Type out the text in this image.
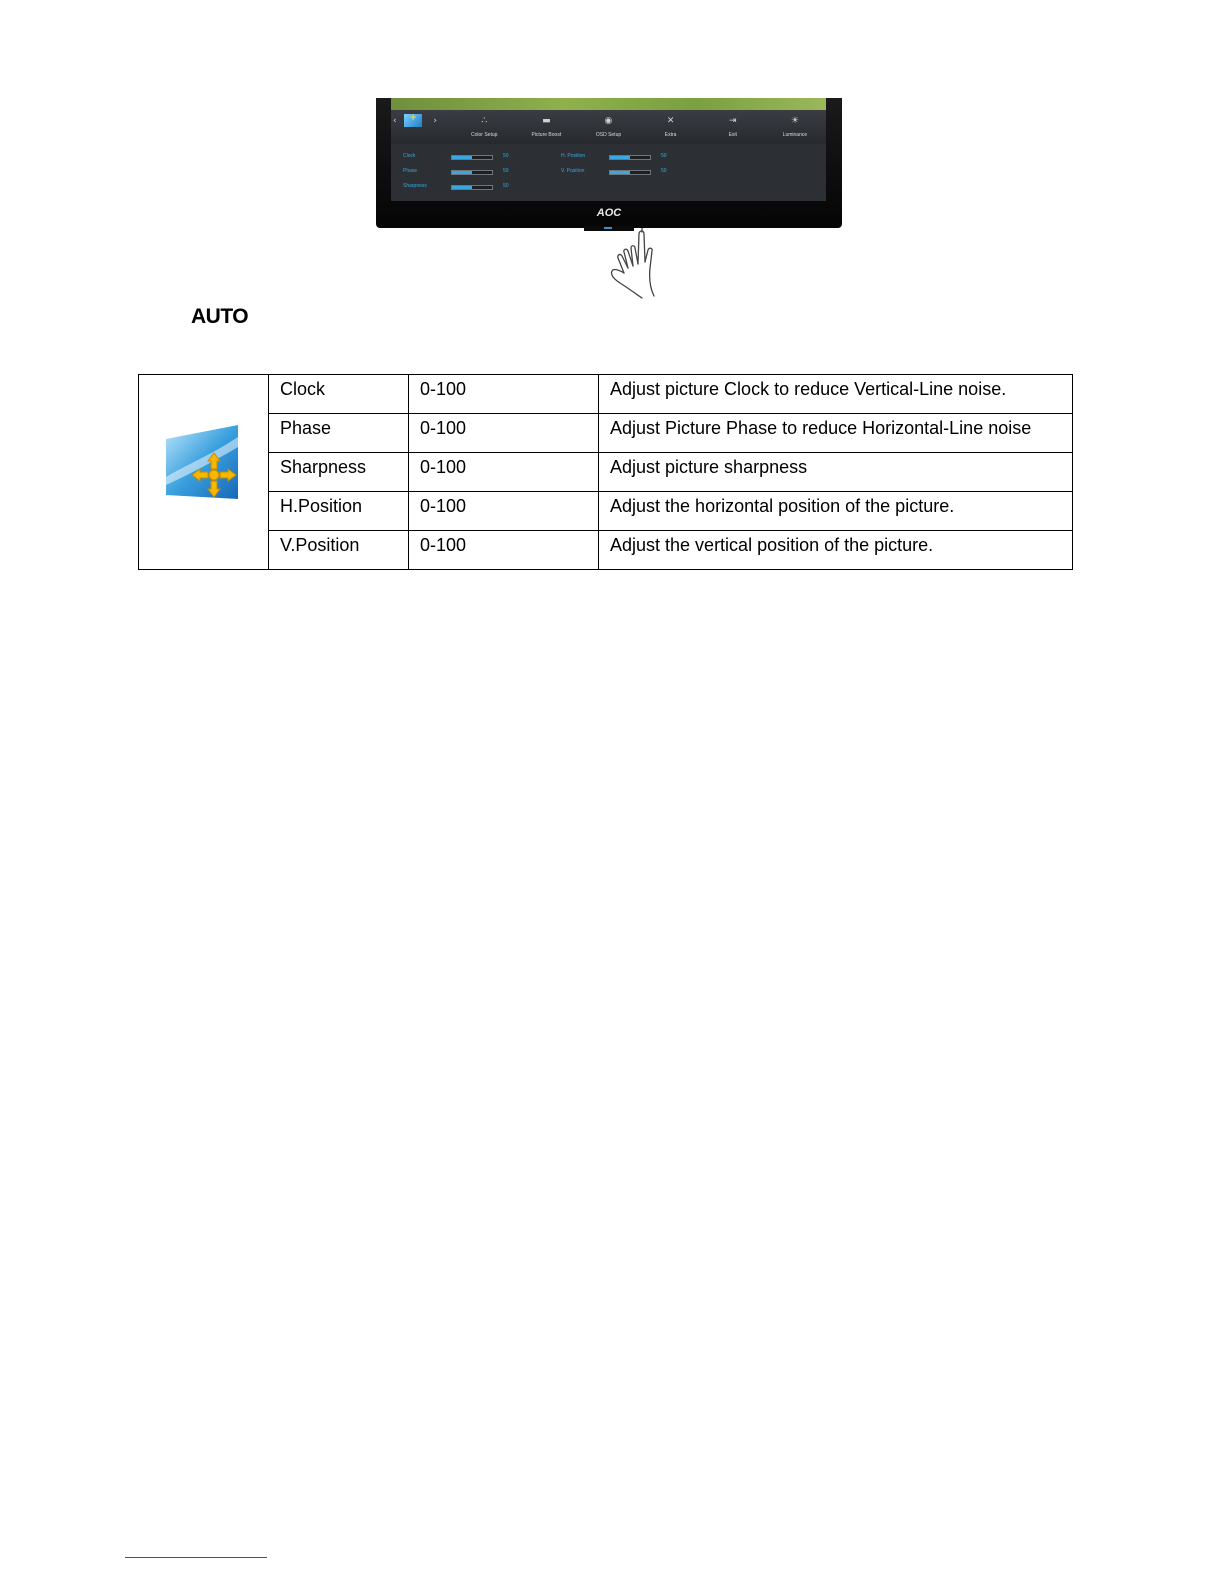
‹	› +	∴
Color Setup
▬
Picture Boost
◉
OSD Setup
✕
Extra
⇥
Exit
☀
Luminance
Clock	50
Phase	50
Sharpness	50
H. Position	50
V. Position	50
AOC
AUTO
	Clock	0-100	Adjust picture Clock to reduce Vertical-Line noise.
	Phase	0-100	Adjust Picture Phase to reduce Horizontal-Line noise
	Sharpness	0-100	Adjust picture sharpness
	H.Position	0-100	Adjust the horizontal position of the picture.
	V.Position	0-100	Adjust the vertical position of the picture.
